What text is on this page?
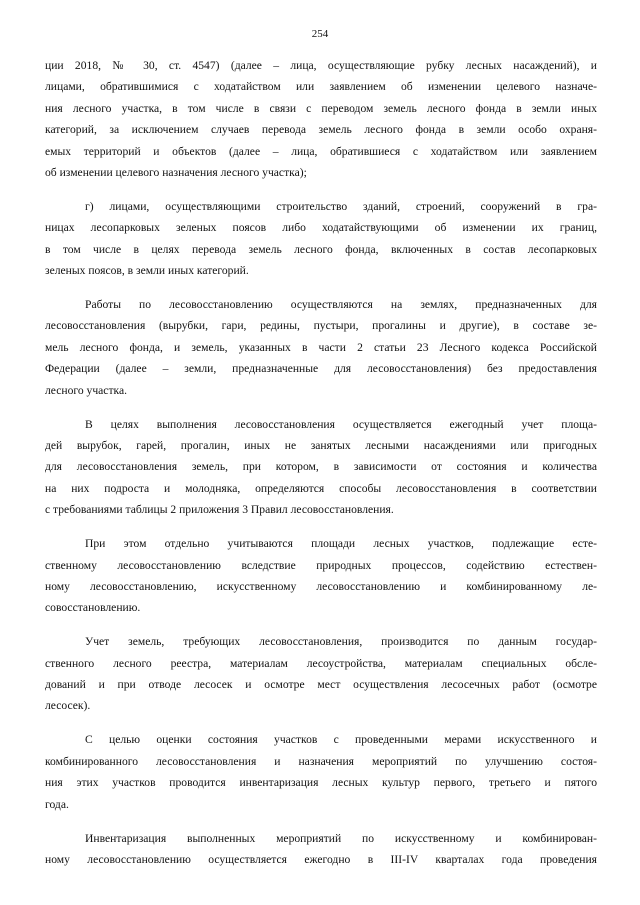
254
ции 2018, № 30, ст. 4547) (далее – лица, осуществляющие рубку лесных насаждений), и
лицами, обратившимися с ходатайством или заявлением об изменении целевого назначе-
ния лесного участка, в том числе в связи с переводом земель лесного фонда в земли иных
категорий, за исключением случаев перевода земель лесного фонда в земли особо охраня-
емых территорий и объектов (далее – лица, обратившиеся с ходатайством или заявлением
об изменении целевого назначения лесного участка);
г) лицами, осуществляющими строительство зданий, строений, сооружений в гра-
ницах лесопарковых зеленых поясов либо ходатайствующими об изменении их границ,
в том числе в целях перевода земель лесного фонда, включенных в состав лесопарковых
зеленых поясов, в земли иных категорий.
Работы по лесовосстановлению осуществляются на землях, предназначенных для
лесовосстановления (вырубки, гари, редины, пустыри, прогалины и другие), в составе зе-
мель лесного фонда, и земель, указанных в части 2 статьи 23 Лесного кодекса Российской
Федерации (далее – земли, предназначенные для лесовосстановления) без предоставления
лесного участка.
В целях выполнения лесовосстановления осуществляется ежегодный учет площа-
дей вырубок, гарей, прогалин, иных не занятых лесными насаждениями или пригодных
для лесовосстановления земель, при котором, в зависимости от состояния и количества
на них подроста и молодняка, определяются способы лесовосстановления в соответствии
с требованиями таблицы 2 приложения 3 Правил лесовосстановления.
При этом отдельно учитываются площади лесных участков, подлежащие есте-
ственному лесовосстановлению вследствие природных процессов, содействию естествен-
ному лесовосстановлению, искусственному лесовосстановлению и комбинированному ле-
совосстановлению.
Учет земель, требующих лесовосстановления, производится по данным государ-
ственного лесного реестра, материалам лесоустройства, материалам специальных обсле-
дований и при отводе лесосек и осмотре мест осуществления лесосечных работ (осмотре
лесосек).
С целью оценки состояния участков с проведенными мерами искусственного и
комбинированного лесовосстановления и назначения мероприятий по улучшению состоя-
ния этих участков проводится инвентаризация лесных культур первого, третьего и пятого
года.
Инвентаризация выполненных мероприятий по искусственному и комбинирован-
ному лесовосстановлению осуществляется ежегодно в III-IV кварталах года проведения
